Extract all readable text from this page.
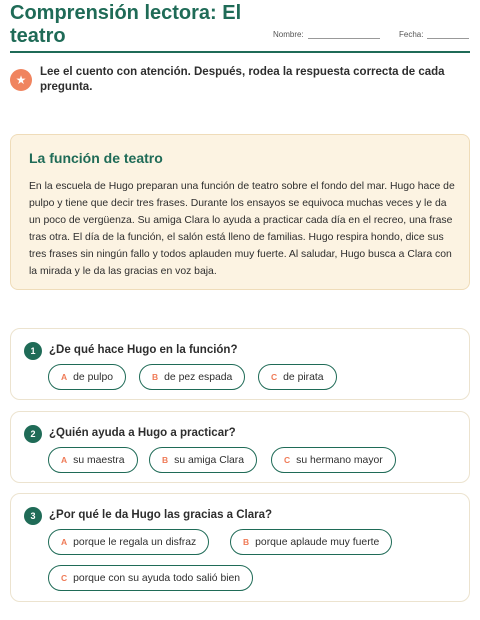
Comprensión lectora: El teatro	Nombre:	Fecha:
★
Lee el cuento con atención. Después, rodea la respuesta correcta de cada pregunta.
La función de teatro

En la escuela de Hugo preparan una función de teatro sobre el fondo del mar. Hugo hace de pulpo y tiene que decir tres frases. Durante los ensayos se equivoca muchas veces y le da un poco de vergüenza. Su amiga Clara lo ayuda a practicar cada día en el recreo, una frase tras otra. El día de la función, el salón está lleno de familias. Hugo respira hondo, dice sus tres frases sin ningún fallo y todos aplauden muy fuerte. Al saludar, Hugo busca a Clara con la mirada y le da las gracias en voz baja.

1	¿De qué hace Hugo en la función?
A de pulpo	B de pez espada	C de pirata
2	¿Quién ayuda a Hugo a practicar?
A su maestra	B su amiga Clara	C su hermano mayor
3	¿Por qué le da Hugo las gracias a Clara?
A porque le regala un disfraz	B porque aplaude muy fuerte
C porque con su ayuda todo salió bien
